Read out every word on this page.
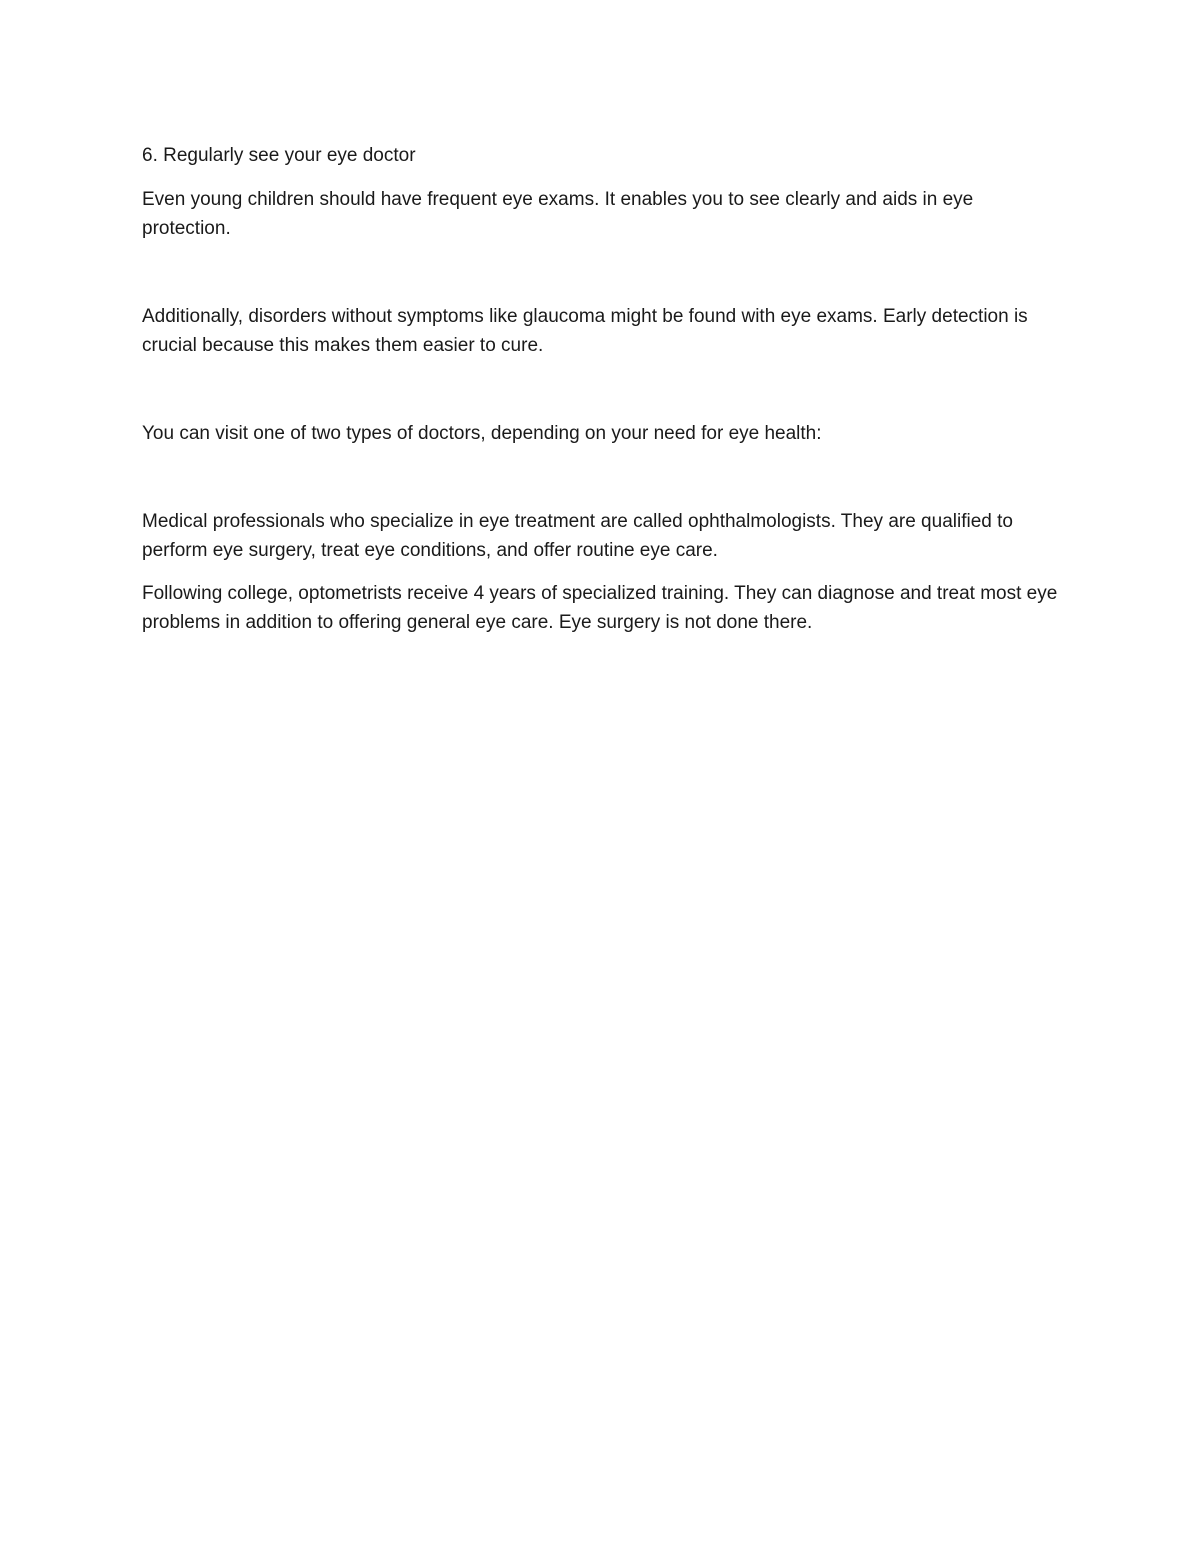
6. Regularly see your eye doctor

Even young children should have frequent eye exams. It enables you to see clearly and aids in eye protection.

Additionally, disorders without symptoms like glaucoma might be found with eye exams. Early detection is crucial because this makes them easier to cure.

You can visit one of two types of doctors, depending on your need for eye health:

Medical professionals who specialize in eye treatment are called ophthalmologists. They are qualified to perform eye surgery, treat eye conditions, and offer routine eye care.

Following college, optometrists receive 4 years of specialized training. They can diagnose and treat most eye problems in addition to offering general eye care. Eye surgery is not done there.
